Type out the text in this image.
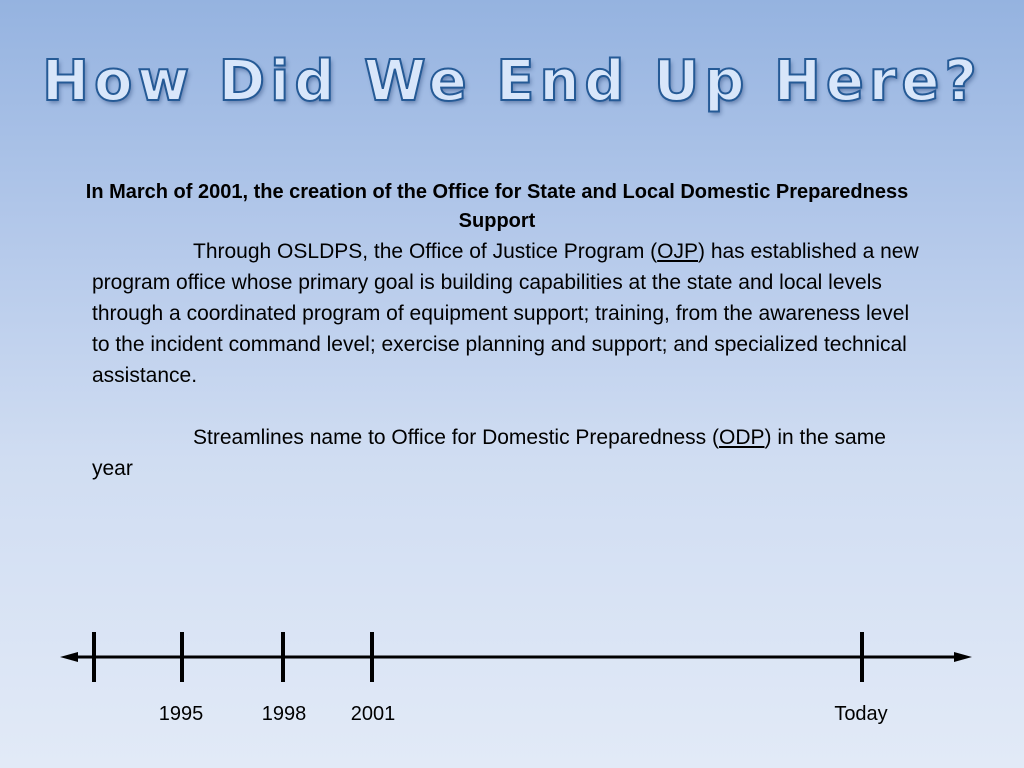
How Did We End Up Here?
In March of 2001, the creation of the Office for State and Local Domestic Preparedness Support

Through OSLDPS, the Office of Justice Program (OJP) has established a new program office whose primary goal is building capabilities at the state and local levels through a coordinated program of equipment support; training, from the awareness level to the incident command level; exercise planning and support; and specialized technical assistance.

Streamlines name to Office for Domestic Preparedness (ODP) in the same year

1995	1998 2001	Today
